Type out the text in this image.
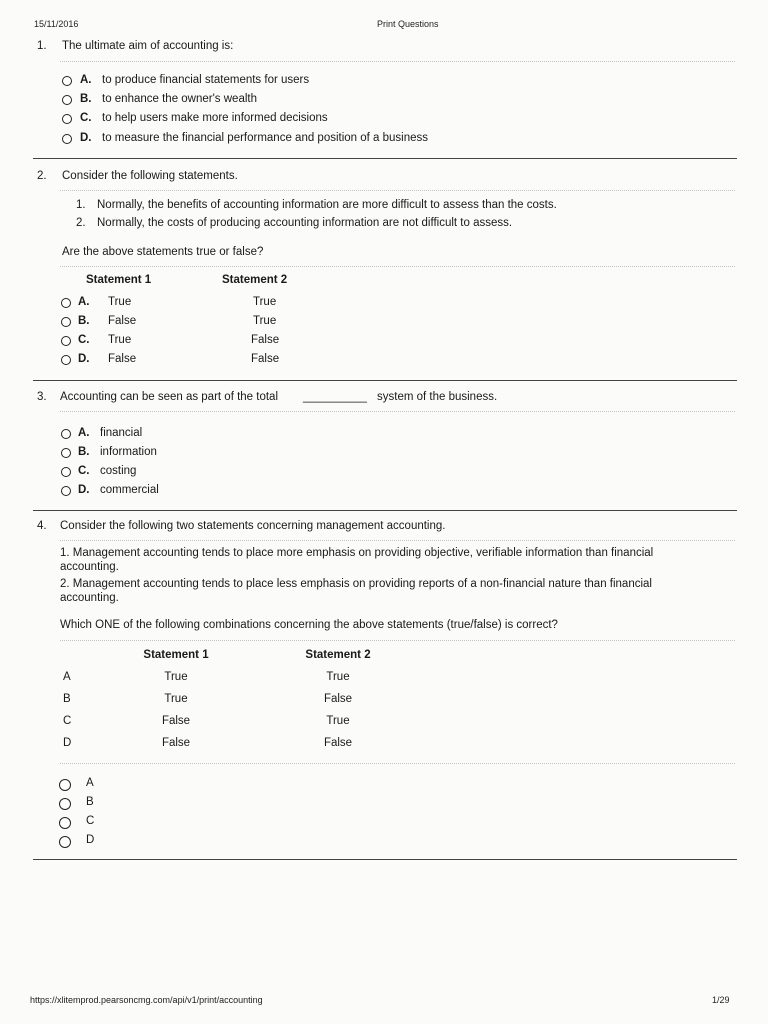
15/11/2016	Print Questions
1. The ultimate aim of accounting is:
A. to produce financial statements for users
B. to enhance the owner's wealth
C. to help users make more informed decisions
D. to measure the financial performance and position of a business
2. Consider the following statements.
1. Normally, the benefits of accounting information are more difficult to assess than the costs.
2. Normally, the costs of producing accounting information are not difficult to assess.
Are the above statements true or false?
Statement 1	Statement 2
A. True	True
B. False	True
C. True	False
D. False	False
3. Accounting can be seen as part of the total __________ system of the business.
A. financial
B. information
C. costing
D. commercial
4. Consider the following two statements concerning management accounting.
1. Management accounting tends to place more emphasis on providing objective, verifiable information than financial
accounting.
2. Management accounting tends to place less emphasis on providing reports of a non-financial nature than financial
accounting.
Which ONE of the following combinations concerning the above statements (true/false) is correct?
Statement 1	Statement 2
A	True	True
B	True	False
C	False	True
D	False	False
A
B
C
D
https://xlitemprod.pearsoncmg.com/api/v1/print/accounting	1/29
